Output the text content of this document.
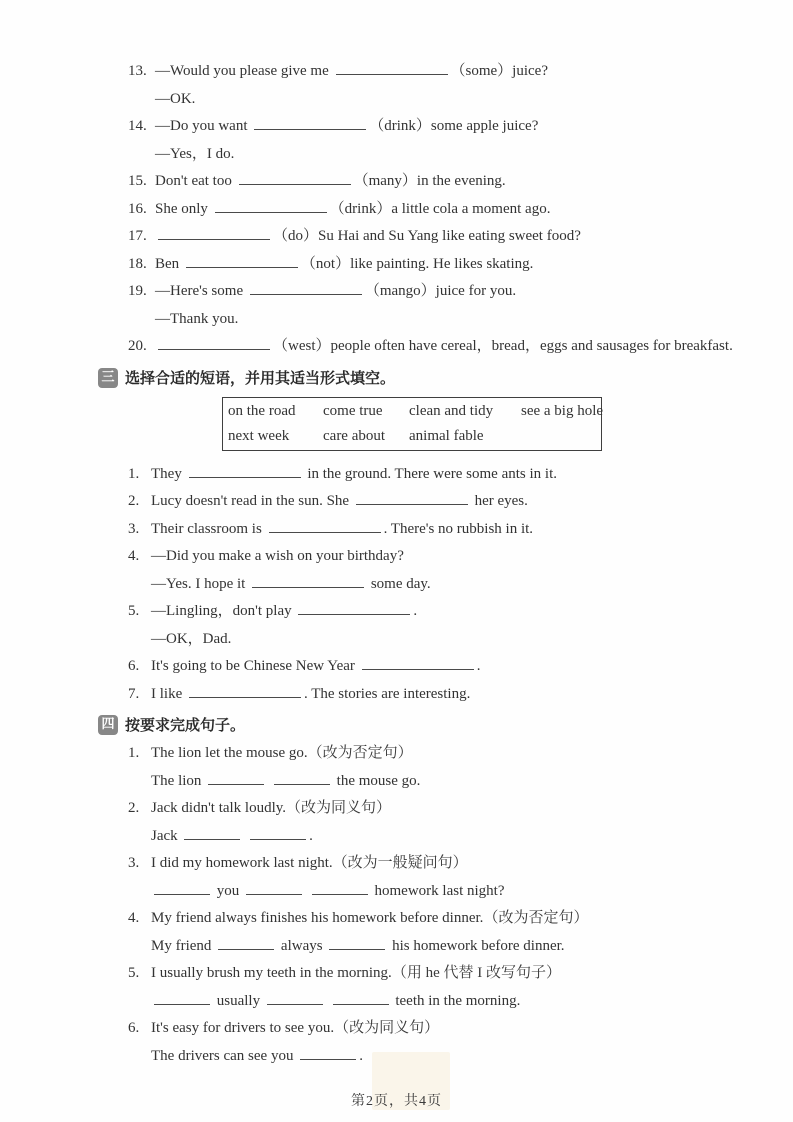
13. —Would you please give me	（some）juice?
—OK.
14. —Do you want	（drink）some apple juice?
—Yes，I do.
15. Don't eat too	（many）in the evening.
16. She only	（drink）a little cola a moment ago.
17.	（do）Su Hai and Su Yang like eating sweet food?
18. Ben	（not）like painting. He likes skating.
19. —Here's some	（mango）juice for you.
—Thank you.
20.	（west）people often have cereal，bread，eggs and sausages for breakfast.
三 选择合适的短语，并用其适当形式填空。
on the road	come true	clean and tidy	see a big hole
next week	care about	animal fable
1. They	in the ground. There were some ants in it.
2. Lucy doesn't read in the sun. She	her eyes.
3. Their classroom is	. There's no rubbish in it.
4. —Did you make a wish on your birthday?
—Yes. I hope it	some day.
5. —Lingling，don't play	.
—OK，Dad.
6. It's going to be Chinese New Year	.
7. I like	. The stories are interesting.
四 按要求完成句子。
1. The lion let the mouse go.（改为否定句）
The lion	the mouse go.
2. Jack didn't talk loudly.（改为同义句）
Jack	.
3. I did my homework last night.（改为一般疑问句）
you	homework last night?
4. My friend always finishes his homework before dinner.（改为否定句）
My friend	always	his homework before dinner.
5. I usually brush my teeth in the morning.（用 he 代替 I 改写句子）
usually	teeth in the morning.
6. It's easy for drivers to see you.（改为同义句）
The drivers can see you	.
第2页，共4页
